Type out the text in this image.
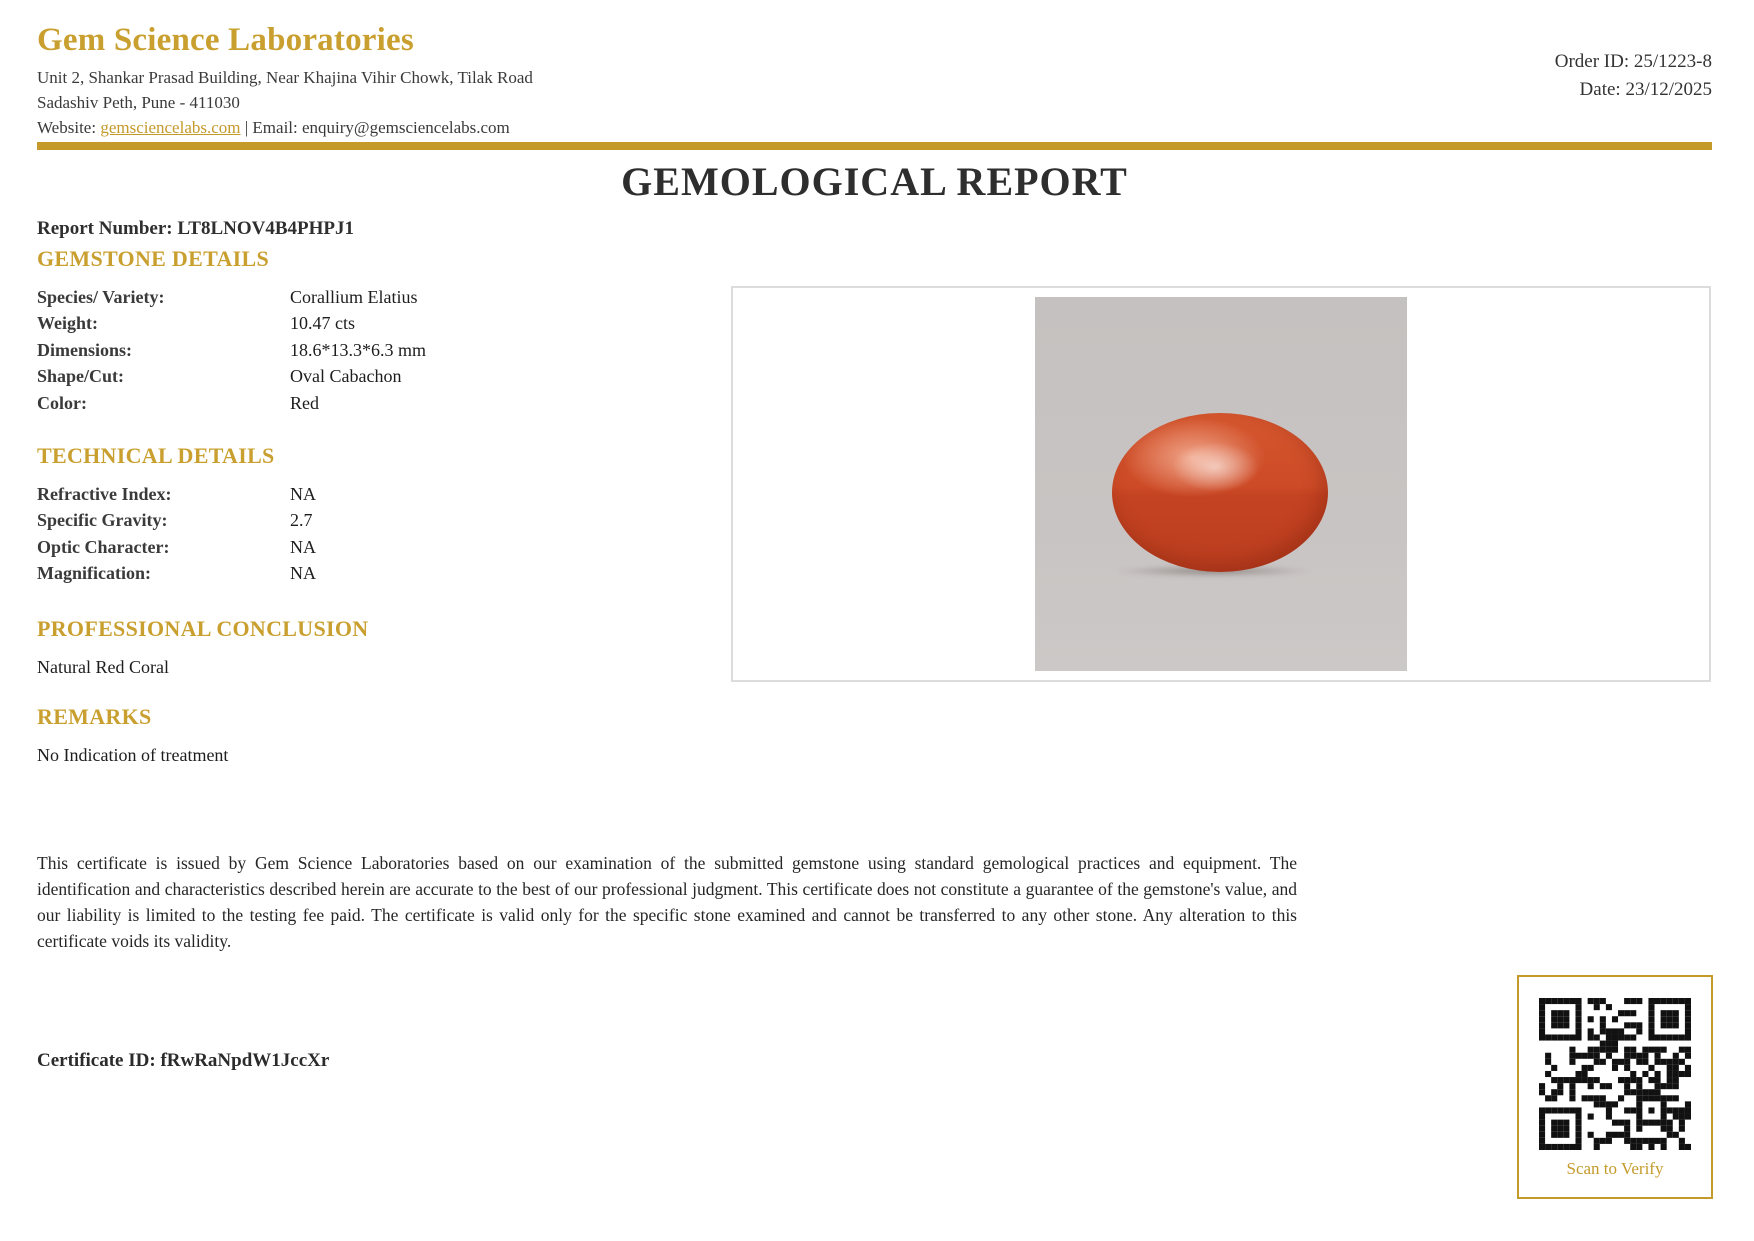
Gem Science Laboratories
Unit 2, Shankar Prasad Building, Near Khajina Vihir Chowk, Tilak Road
Sadashiv Peth, Pune - 411030
Website: gemsciencelabs.com | Email: enquiry@gemsciencelabs.com
Order ID: 25/1223-8
Date: 23/12/2025
GEMOLOGICAL REPORT
Report Number: LT8LNOV4B4PHPJ1
GEMSTONE DETAILS
Species/ Variety:	Corallium Elatius
Weight:	10.47 cts
Dimensions:	18.6*13.3*6.3 mm
Shape/Cut:	Oval Cabachon
Color:	Red
TECHNICAL DETAILS
Refractive Index:	NA
Specific Gravity:	2.7
Optic Character:	NA
Magnification:	NA
PROFESSIONAL CONCLUSION
Natural Red Coral
REMARKS
No Indication of treatment
This certificate is issued by Gem Science Laboratories based on our examination of the submitted gemstone using standard gemological practices and equipment. The identification and characteristics described herein are accurate to the best of our professional judgment. This certificate does not constitute a guarantee of the gemstone's value, and our liability is limited to the testing fee paid. The certificate is valid only for the specific stone examined and cannot be transferred to any other stone. Any alteration to this certificate voids its validity.
Scan to Verify
Certificate ID: fRwRaNpdW1JccXr
